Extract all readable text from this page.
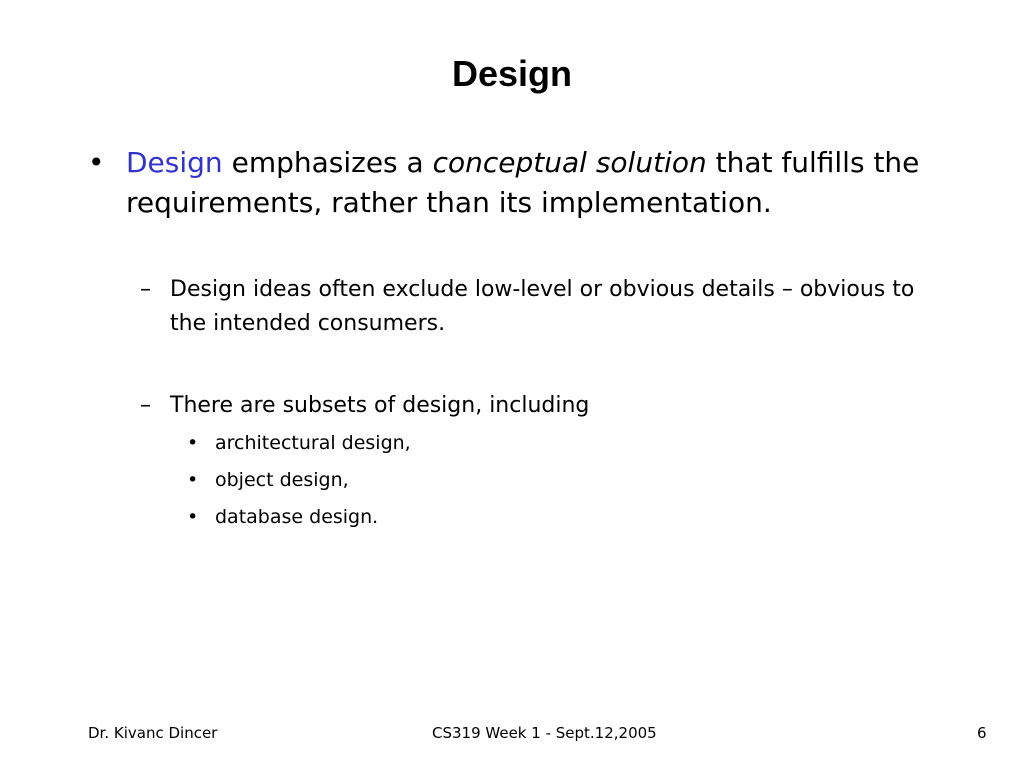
Design
• Design emphasizes a conceptual solution that fulfills the requirements, rather than its implementation.
– Design ideas often exclude low-level or obvious details – obvious to the intended consumers.
– There are subsets of design, including
• architectural design,
• object design,
• database design.
Dr. Kivanc Dincer	CS319 Week 1 - Sept.12,2005	6
